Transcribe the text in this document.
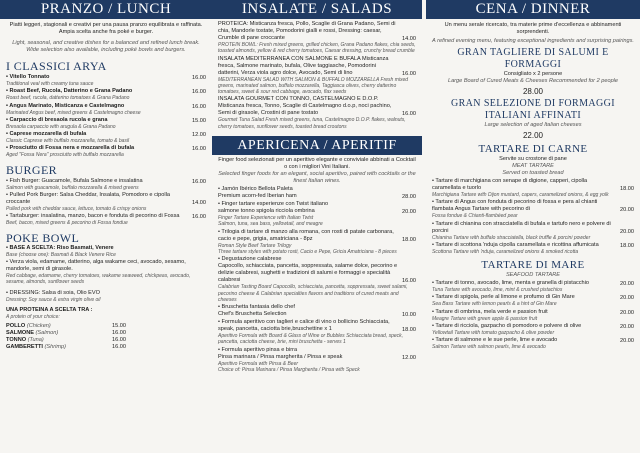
PRANZO / LUNCH
Piatti leggeri, stagionali e creativi per una pausa pranzo equilibrata e raffinata. Ampia scelta anche fra poké e burger.
Light, seasonal, and creative dishes for a balanced and refined lunch break. Wide selection also available, including poké bowls and burgers.
I CLASSICI ARYA
• Vitello Tonnato	16.00
Traditional veal with creamy tuna sauce
• Roast Beef, Rucola, Datterino e Grana Padano	16.00
Roast beef, rucola, datterino tomatoes & Grana Padano
• Angus Marinato, Misticanza e Castelmagno	16.00
Marinated Angus beef, mixed greens & Castelmagno cheese
• Carpaccio di bresaola rucola e grana	15.00
Bresaola carpaccio with arugula & Grana Padano
• Caprese mozzarella di bufala	12.00
Classic Caprese with buffalo mozzarella, tomato & basil
• Prosciutto di Fossa nera e mozzarella di bufala	16.00
Aged "Fossa Nera" prosciutto with buffalo mozzarella
BURGER
• Fish Burger: Guacamole, Bufala Salmone e insalatina	16.00
Salmon with guacamole, buffalo mozzarella & mixed greens
• Pulled Pork Burger: Salsa Cheddar, Insalata, Pomodoro e cipolla croccante	14.00
Pulled pork with cheddar sauce, lettuce, tomato & crispy onions
• Tartaburger: insalatina, manzo, bacon e fonduta di pecorino di Fossa	16.00
Beef, bacon, mixed greens & pecorino di Fossa fondue
POKE BOWL
• BASE A SCELTA: Riso Basmati, Venere
Base (choose one): Basmati & Black Venere Rice
• Verza viola, edamame, datterino, alga wakame ceci, avocado, sesamo, mandorle, semi di girasole.
Red cabbage, edamame, cherry tomatoes, wakame seaweed, chickpeas, avocado, sesame, almonds, sunflower seeds
• DRESSING: Salsa di soia, Olio EVO
Dressing: Soy sauce & extra virgin olive oil
UNA PROTEINA A SCELTA TRA :
A protein of your choice:
POLLO (Chicken)	15.00
SALMONE (Salmon)	16.00
TONNO (Tuna)	16.00
GAMBERETTI (Shrimp)	16.00
INSALATE / SALADS
PROTEICA: Misticanza fresca, Pollo, Scaglie di Grana Padano, Semi di chia, Mandorle tostate, Pomodorini gialli e rossi, Dressing: caesar, Crumble di pane croccante	14.00
PROTEIN BOWL: Fresh mixed greens, grilled chicken, Grana Padano flakes, chia seeds, toasted almonds, yellow & red cherry tomatoes, Caesar dressing, crunchy bread crumble
INSALATA MEDITERRANEA CON SALMONE E BUFALA Misticanza fresca, Salmone marinato, bufala, Olive taggiasche, Pomodorini datterini, Verza viola agro dolce, Avocado, Semi di lino	16.00
MEDITERRANEAN SALAD WITH SALMON & BUFFALO MOZZARELLA Fresh mixed greens, marinated salmon, buffalo mozzarella, Taggiasca olives, cherry datterino tomatoes, sweet & sour red cabbage, avocado, flax seeds
INSALATA GOURMET CON TONNO, CASTELMAGNO E D.O.P. Misticanza fresca, Tonno, Scaglie di Castelmagno d.o.p, noci pachino, Semi di girasole, Crostini di pane tostato	16.00
Gourmet Tuna Salad Fresh mixed greens, tuna, Castelmagno D.O.P. flakes, walnuts, cherry tomatoes, sunflower seeds, toasted bread croutons
APERICENA / APERITIF
Finger food selezionati per un aperitivo elegante e conviviale abbinati a Cocktail o con i migliori Vini Italiani.
Selected finger foods for an elegant, social aperitivo, paired with cocktails or the finest Italian wines.
• Jamón Ibérico Bellota Paleta
Premium acorn-fed Iberian ham	28.00
• Finger tartare esperienze con Twist italiano
salmone tonno spigola ricciola ombrina	20.00
Finger Tartare Experience with Italian Twist
Salmon, tuna, sea bass, yellowtail, and meagre
• Trilogia di tartare di manzo alla romana, con rosti di patate carbonara, cacio e pepe, grigia, amatriciana - 8pz	18.00
Roman Style Beef Tartare Trilogy
Three tartare styles with potato rosti, Cacio e Pepe, Gricia Amatriciana - 8 pieces
• Degustazione calabrese
Capocollo, schiacciata, pancetta, soppressata, salame dolce, pecorino e delizie calabresi, sughetti e tradizioni di salumi e formaggi e specialità calabresi	16.00
Calabrian Tasting Board Capocollo, schiacciata, pancetta, soppressata, sweet salami, pecorino cheese & Calabrian specialties flavors and traditions of cured meats and cheeses
• Bruschetta fantasia dello chef
Chef's Bruschetta Selection	10.00
• Formula aperitivo con taglieri e calice di vino o bollicino Schiacciata, speak, pancetta, caciotta brie,bruschettine x 1	18.00
Aperitivo Formula with Board & Glass of Wine or Bubbles Schiacciata bread, speck, pancetta, caciotta cheese, brie, mini bruschetta - serves 1
• Formula aperitivo pinsa e birra
Pinsa marinara / Pinsa margherita / Pinsa e speak	12.00
Aperitivo Formula with Pinsa & Beer
Choice of: Pinsa Marinara / Pinsa Margherita / Pinsa with Speck
CENA / DINNER
Un menu serale ricercato, tra materie prime d'eccellenza e abbinamenti sorprendenti.
A refined evening menu, featuring exceptional ingredients and surprising pairings.
GRAN TAGLIERE DI SALUMI E FORMAGGI
Consigliato x 2 persone
Large Board of Cured Meats & Cheeses Recommended for 2 people
28.00
GRAN SELEZIONE DI FORMAGGI ITALIANI AFFINATI
Large selection of aged Italian cheeses
22.00
TARTARE DI CARNE
Servite su crostone di pane
MEAT TARTARE
Served on toasted bread
• Tartare di marchigiana con senape di digione, capperi, cipolla caramellata e tuorlo	18.00
Marchigiana Tartare with Dijon mustard, capers, caramelized onions, & egg yolk
• Tartare di Angus con fonduta di pecorino di fossa e pera al chianti flambata Angus Tartare with pecorino di	20.00
Fossa fondue & Chianti-flambéed pear
• Tartare di chianina con stracciatella di bufala e tartufo nero e polvere di porcini	20.00
Chianina Tartare with buffalo stracciatella, black truffle & porcini powder
• Tartare di scottona 'nduja cipolla caramellata e ricottina affumicata	18.00
Scottona Tartare with 'nduja, caramelized onions & smoked ricotta
TARTARE DI MARE
SEAFOOD TARTARE
• Tartare di tonno, avocado, lime, menta e granella di pistacchio	20.00
Tuna Tartare with avocado, lime, mint & crushed pistachios
• Tartare di spigola, perle al limone e profumo di Gin Mare	20.00
Sea Bass Tartare with lemon pearls & a hint of Gin Mare
• Tartare di ombrina, mela verde e passion fruit	20.00
Meagre Tartare with green apple & passion fruit
• Tartare di ricciola, gazpacho di pomodoro e polvere di olive	20.00
Yellowtail Tartare with tomato gazpacho & olive powder
• Tartare di salmone e le sue perle, lime e avocado	20.00
Salmon Tartare with salmon pearls, lime & avocado
